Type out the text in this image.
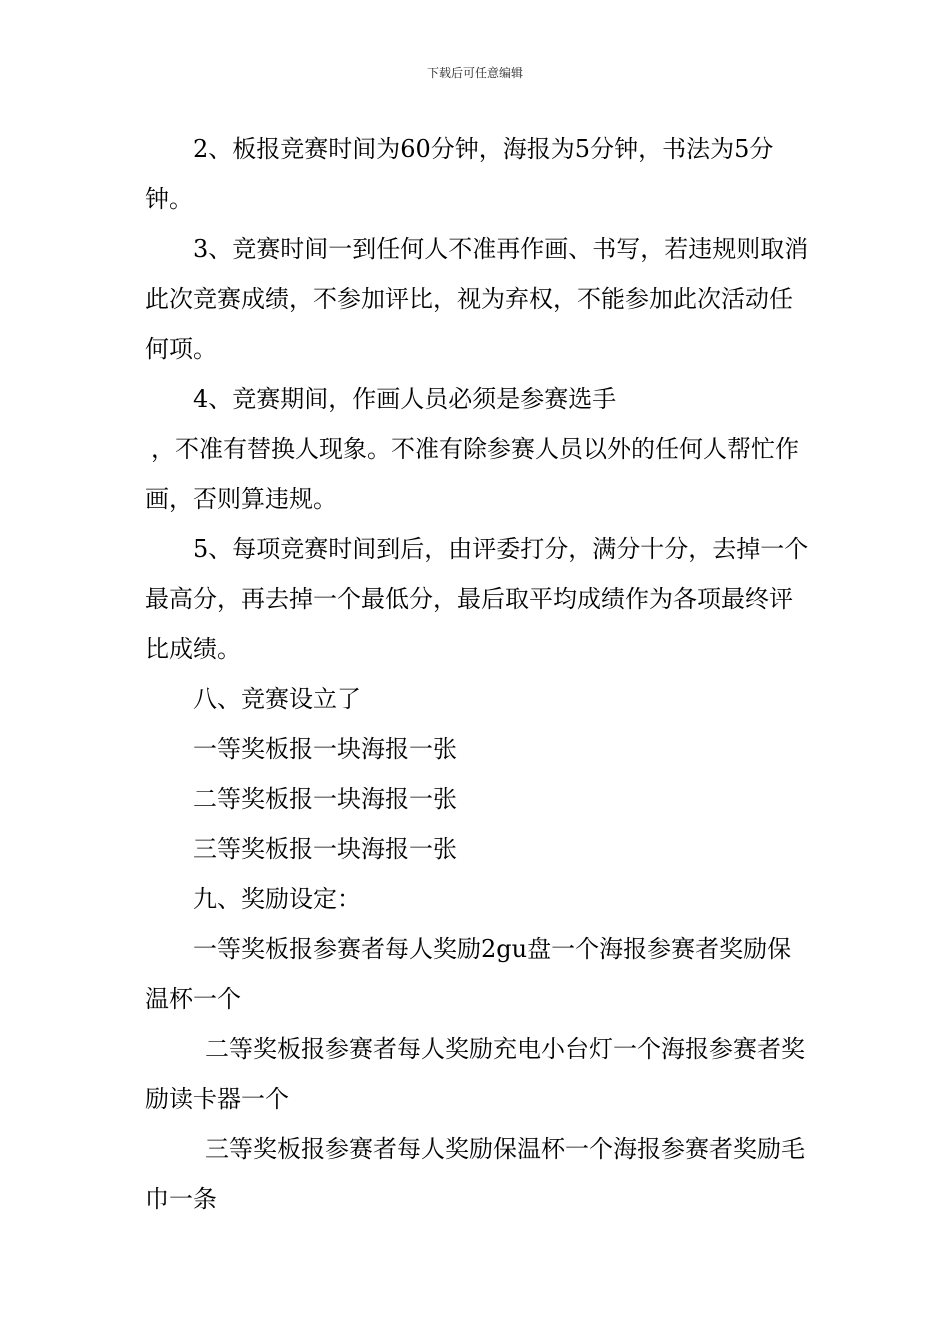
下载后可任意编辑

2、板报竞赛时间为60分钟，海报为5分钟，书法为5分钟。

3、竞赛时间一到任何人不准再作画、书写，若违规则取消此次竞赛成绩，不参加评比，视为弃权，不能参加此次活动任何项。

4、竞赛期间，作画人员必须是参赛选手

，不准有替换人现象。不准有除参赛人员以外的任何人帮忙作画，否则算违规。

5、每项竞赛时间到后，由评委打分，满分十分，去掉一个最高分，再去掉一个最低分，最后取平均成绩作为各项最终评比成绩。

八、竞赛设立了

一等奖板报一块海报一张

二等奖板报一块海报一张

三等奖板报一块海报一张

九、奖励设定：

一等奖板报参赛者每人奖励2gu盘一个海报参赛者奖励保温杯一个

二等奖板报参赛者每人奖励充电小台灯一个海报参赛者奖励读卡器一个

三等奖板报参赛者每人奖励保温杯一个海报参赛者奖励毛巾一条
